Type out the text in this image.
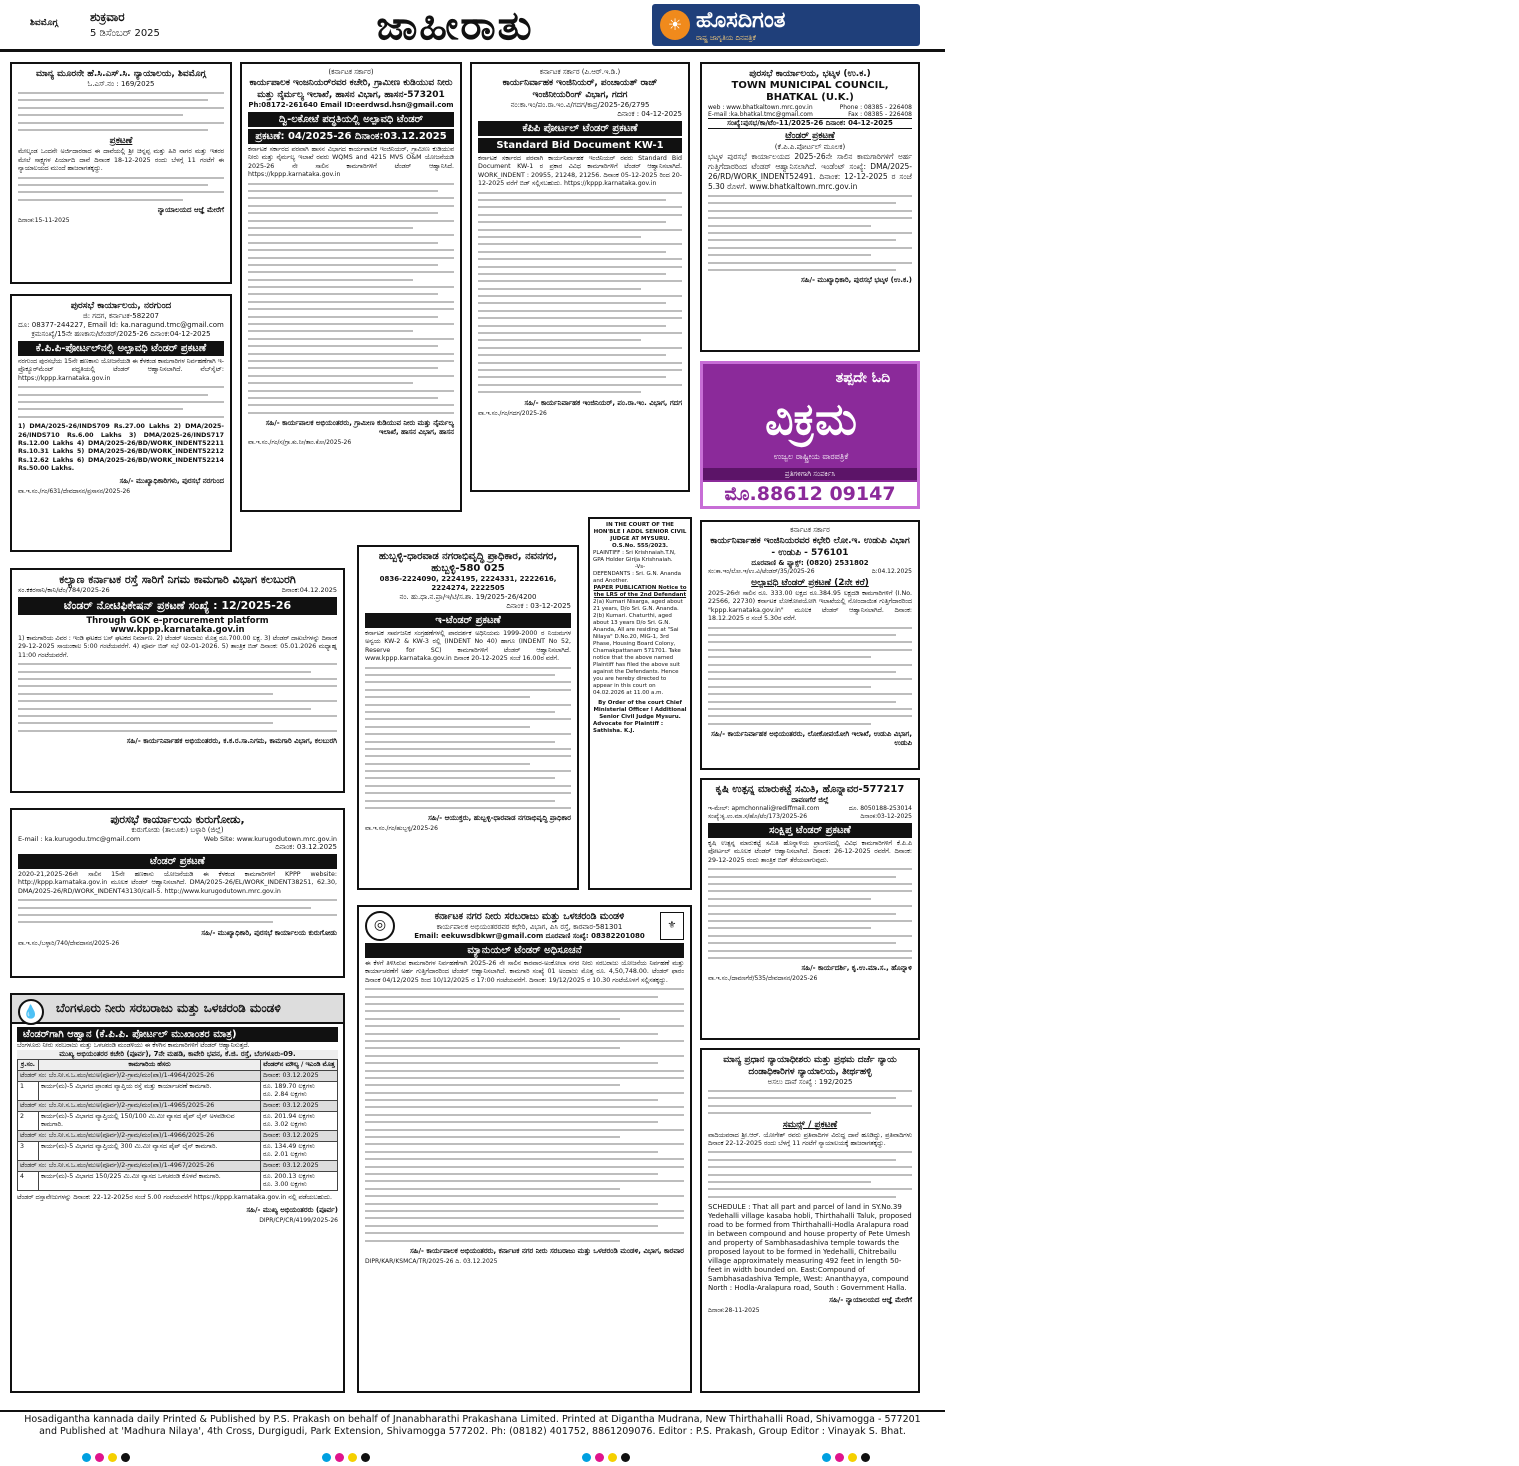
ಶಿವಮೊಗ್ಗ	ಶುಕ್ರವಾರ
5 ಡಿಸೆಂಬರ್ 2025	ಜಾಹೀರಾತು	☀ ಹೊಸದಿಗಂತ
ರಾಷ್ಟ್ರ ಜಾಗೃತಿಯ ದಿನಪತ್ರಿಕೆ	೧೧
ಮಾನ್ಯ ಮೂರನೇ ಹೆ.ಸಿ.ಎಸ್.ಸಿ. ನ್ಯಾಯಾಲಯ, ಶಿವಮೊಗ್ಗ
ಓ.ಎಸ್.ನಂ : 169/2025
ಪ್ರಕಟಣೆ
ಮೇಲ್ಕಂಡ ಒಂದನೇ ಅರ್ಜಿದಾರರಾದ ಈ ದಾವೆಯಲ್ಲಿ ಶ್ರೀ ಚಿನ್ನಪ್ಪ ಮತ್ತು ಹಿರಿ ನಾಗರ ಮತ್ತು ಇತರರ ಮೇಲೆ ಸಾಕ್ಷ್ಯಗಳ ಪಿರ್ಯಾದಿ ದಾವೆ ದಿನಾಂಕ 18-12-2025 ರಂದು ಬೆಳಗ್ಗೆ 11 ಗಂಟೆಗೆ ಈ ನ್ಯಾಯಾಲಯದ ಮುಂದೆ ಹಾಜರಾಗತಕ್ಕದ್ದು.
ನ್ಯಾಯಾಲಯದ ಆಜ್ಞೆ ಮೇರೆಗೆ
ದಿನಾಂಕ:15-11-2025
ಪುರಸಭೆ ಕಾರ್ಯಾಲಯ, ನರಗುಂದ
ಜಿ: ಗದಗ, ಕರ್ನಾಟಕ-582207
ದೂ: 08377-244227, Email Id: ka.naragund.tmc@gmail.com
ಕ್ರಮಸಂಖ್ಯೆ/15ನೇ ಹಣಕಾಸು/ಟೆಂಡರ್/2025-26 ದಿನಾಂಕ:04-12-2025
ಕೆ.ಪಿ.ಪಿ-ಪೋರ್ಟಲ್‌ನಲ್ಲಿ ಅಲ್ಪಾವಧಿ ಟೆಂಡರ್ ಪ್ರಕಟಣೆ
ನರಗುಂದ ಪುರಸಭೆಯ 15ನೇ ಹಣಕಾಸು ಯೋಜನೆಯಡಿ ಈ ಕೆಳಕಂಡ ಕಾಮಗಾರಿಗಳ ನಿರ್ವಹಣೆಗಾಗಿ ಇ-ಪ್ರೊಕ್ಯೂರ್‌ಮೆಂಟ್ ಪದ್ಧತಿಯಲ್ಲಿ ಟೆಂಡರ್ ಆಹ್ವಾನಿಸಲಾಗಿದೆ. ವೆಬ್‌ಸೈಟ್: https://kppp.karnataka.gov.in
1) DMA/2025-26/INDS709 Rs.27.00 Lakhs 2) DMA/2025-26/INDS710 Rs.6.00 Lakhs 3) DMA/2025-26/INDS717 Rs.12.00 Lakhs 4) DMA/2025-26/BD/WORK_INDENT52211 Rs.10.31 Lakhs 5) DMA/2025-26/BD/WORK_INDENT52212 Rs.12.62 Lakhs 6) DMA/2025-26/BD/WORK_INDENT52214 Rs.50.00 Lakhs.
ಸಹಿ/- ಮುಖ್ಯಾಧಿಕಾರಿಗಳು, ಪುರಸಭೆ ನರಗುಂದ
ವಾ.ಇ.ಸಂ./ಗಂ/631/ದೇವದಾಸನ/ಪ್ರಸಾಸನ/2025-26
(ಕರ್ನಾಟಕ ಸರ್ಕಾರ)
ಕಾರ್ಯಪಾಲಕ ಇಂಜನಿಯರ್‌ರವರ ಕಚೇರಿ, ಗ್ರಾಮೀಣ ಕುಡಿಯುವ ನೀರು ಮತ್ತು ನೈರ್ಮಲ್ಯ ಇಲಾಖೆ, ಹಾಸನ ವಿಭಾಗ, ಹಾಸನ-573201
Ph:08172-261640 Email ID:eerdwsd.hsn@gmail.com
ದ್ವಿ-ಲಕೋಟೆ ಪದ್ಧತಿಯಲ್ಲಿ ಅಲ್ಪಾವಧಿ ಟೆಂಡರ್
ಪ್ರಕಟಣೆ: 04/2025-26 ದಿನಾಂಕ:03.12.2025
ಕರ್ನಾಟಕ ಸರ್ಕಾರದ ಪರವಾಗಿ ಹಾಸನ ವಿಭಾಗದ ಕಾರ್ಯಪಾಲಕ ಇಂಜಿನಿಯರ್, ಗ್ರಾಮೀಣ ಕುಡಿಯುವ ನೀರು ಮತ್ತು ನೈರ್ಮಲ್ಯ ಇಲಾಖೆ ರವರು WQMS and 4215 MVS O&M ಯೋಜನೆಯಡಿ 2025-26 ನೇ ಸಾಲಿನ ಕಾಮಗಾರಿಗಳಿಗೆ ಟೆಂಡರ್ ಆಹ್ವಾನಿಸಿದೆ. https://kppp.karnataka.gov.in
ಸಹಿ/- ಕಾರ್ಯಪಾಲಕ ಅಭಿಯಂತರರು, ಗ್ರಾಮೀಣ ಕುಡಿಯುವ ನೀರು ಮತ್ತು ನೈರ್ಮಲ್ಯ ಇಲಾಖೆ, ಹಾಸನ ವಿಭಾಗ, ಹಾಸನ
ವಾ.ಇ.ಸಂ./ಗಂ/ಸ/ಗ್ರಾ.ಕು.ನೀ/ತಾಂ.ಕೋ/2025-26
ಕರ್ನಾಟಕ ಸರ್ಕಾರ (ಪಿ.ಆರ್.ಇ.ಡಿ.)
ಕಾರ್ಯನಿರ್ವಾಹಕ ಇಂಜಿನಿಯರ್, ಪಂಚಾಯತ್ ರಾಜ್ ಇಂಜಿನೀಯರಿಂಗ್ ವಿಭಾಗ, ಗದಗ
ನಂ:ಕಾ.ಇಂ/ಪಂ.ರಾ.ಇಂ.ವಿ/ಗದಗ/ಕಾಪ್ರ/2025-26/2795
ದಿನಾಂಕ : 04-12-2025
ಕೆಪಿಪಿ ಪೋರ್ಟಲ್ ಟೆಂಡರ್ ಪ್ರಕಟಣೆ
Standard Bid Document KW-1
ಕರ್ನಾಟಕ ಸರ್ಕಾರದ ಪರವಾಗಿ ಕಾರ್ಯನಿರ್ವಾಹಕ ಇಂಜಿನಿಯರ್ ರವರು Standard Bid Document KW-1 ರ ಪ್ರಕಾರ ವಿವಿಧ ಕಾಮಗಾರಿಗಳಿಗೆ ಟೆಂಡರ್ ಆಹ್ವಾನಿಸಲಾಗಿದೆ. WORK_INDENT : 20955, 21248, 21256. ದಿನಾಂಕ 05-12-2025 ರಿಂದ 20-12-2025 ವರೆಗೆ ಬಿಡ್ ಸಲ್ಲಿಸಬಹುದು. https://kppp.karnataka.gov.in
ಸಹಿ/- ಕಾರ್ಯನಿರ್ವಾಹಕ ಇಂಜಿನಿಯರ್, ಪಂ.ರಾ.ಇಂ. ವಿಭಾಗ, ಗದಗ
ವಾ.ಇ.ಸಂ./ಗಂ/ಗದಗ/2025-26
ಪುರಸಭೆ ಕಾರ್ಯಾಲಯ, ಭಟ್ಕಳ (ಉ.ಕ.)
TOWN MUNICIPAL COUNCIL, BHATKAL (U.K.)
web : www.bhatkaltown.mrc.gov.in	Phone : 08385 - 226408
E-mail :ka.bhatkal.tmc@gmail.com	Fax : 08385 - 226408
ಸಂಖ್ಯೆ:ಪುಸಭ/ಕಾ/ಟೆಂ-11/2025-26 ದಿನಾಂಕ: 04-12-2025
ಟೆಂಡರ್ ಪ್ರಕಟಣೆ
(ಕೆ.ಪಿ.ಪಿ.ಪೋರ್ಟಲ್ ಮೂಲಕ)
ಭಟ್ಕಳ ಪುರಸಭೆ ಕಾರ್ಯಾಲಯದ 2025-26ನೇ ಸಾಲಿನ ಕಾಮಗಾರಿಗಳಿಗೆ ಅರ್ಹ ಗುತ್ತಿಗೆದಾರರಿಂದ ಟೆಂಡರ್ ಆಹ್ವಾನಿಸಲಾಗಿದೆ. ಇಂಡೆಂಟ್ ಸಂಖ್ಯೆ: DMA/2025-26/RD/WORK_INDENT52491. ದಿನಾಂಕ: 12-12-2025 ರ ಸಂಜೆ 5.30 ರೊಳಗೆ. www.bhatkaltown.mrc.gov.in
ಸಹಿ/- ಮುಖ್ಯಾಧಿಕಾರಿ, ಪುರಸಭೆ ಭಟ್ಕಳ (ಉ.ಕ.)
ತಪ್ಪದೇ ಓದಿ
ವಿಕ್ರಮ
ಉಜ್ವಲ ರಾಷ್ಟ್ರೀಯ ವಾರಪತ್ರಿಕೆ
ಪ್ರತಿಗಳಿಗಾಗಿ ಸಂಪರ್ಕಿಸಿ
ಮೊ.88612 09147
ಕರ್ನಾಟಕ ಸರ್ಕಾರ
ಕಾರ್ಯನಿರ್ವಾಹಕ ಇಂಜಿನಿಯರವರ ಕಛೇರಿ ಲೋ.ಇ. ಉಡುಪಿ ವಿಭಾಗ - ಉಡುಪಿ - 576101
ದೂರವಾಣಿ & ಫ್ಯಾಕ್ಸ್: (0820) 2531802
ಸಂ:ಕಾ.ಇಂ/ಲೋ.ಇ/ಉ.ವಿ/ಟೆಂಡರ್/35/2025-26	ದಿ:04.12.2025
ಅಲ್ಪಾವಧಿ ಟೆಂಡರ್ ಪ್ರಕಟಣೆ (2ನೇ ಕರೆ)
2025-26ನೇ ಸಾಲಿನ ರೂ. 333.00 ಲಕ್ಷದ ರೂ.384.95 ಲಕ್ಷದಡಿ ಕಾಮಗಾರಿಗಳಿಗೆ (I.No. 22566, 22730) ಕರ್ನಾಟಕ ಲೋಕೋಪಯೋಗಿ ಇಲಾಖೆಯಲ್ಲಿ ನೋಂದಾಯಿತ ಗುತ್ತಿಗೆದಾರರಿಂದ "kppp.karnataka.gov.in" ಮೂಲಕ ಟೆಂಡರ್ ಆಹ್ವಾನಿಸಲಾಗಿದೆ. ದಿನಾಂಕ: 18.12.2025 ರ ಸಂಜೆ 5.30ರ ವರೆಗೆ.
ಸಹಿ/- ಕಾರ್ಯನಿರ್ವಾಹಕ ಅಭಿಯಂತರರು, ಲೋಕೋಪಯೋಗಿ ಇಲಾಖೆ, ಉಡುಪಿ ವಿಭಾಗ, ಉಡುಪಿ
ಕೃಷಿ ಉತ್ಪನ್ನ ಮಾರುಕಟ್ಟೆ ಸಮಿತಿ, ಹೊನ್ನಾವರ-577217
ದಾವಣಗೆರೆ ಜಿಲ್ಲೆ
ಇ-ಮೇಲ್: apmchonnali@rediffmail.com	ದೂ. 8050188-253014
ಸಂಖ್ಯೆ:ಕೃ.ಉ.ಮಾ.ಸ/ಹೊ/ಟೆಂ/173/2025-26	ದಿನಾಂಕ:03-12-2025
ಸಂಕ್ಷಿಪ್ತ ಟೆಂಡರ್ ಪ್ರಕಟಣೆ
ಕೃಷಿ ಉತ್ಪನ್ನ ಮಾರುಕಟ್ಟೆ ಸಮಿತಿ ಹೊನ್ನಾಳಿಯ ಪ್ರಾಂಗಣದಲ್ಲಿ ವಿವಿಧ ಕಾಮಗಾರಿಗಳಿಗೆ ಕೆ.ಪಿ.ಪಿ ಪೋರ್ಟಲ್ ಮೂಲಕ ಟೆಂಡರ್ ಆಹ್ವಾನಿಸಲಾಗಿದೆ. ದಿನಾಂಕ: 26-12-2025 ರವರೆಗೆ. ದಿನಾಂಕ: 29-12-2025 ರಂದು ತಾಂತ್ರಿಕ ಬಿಡ್ ತೆರೆಯಲಾಗುವುದು.
ಸಹಿ/- ಕಾರ್ಯದರ್ಶಿ, ಕೃ.ಉ.ಮಾ.ಸ., ಹೊನ್ನಾಳಿ
ವಾ.ಇ.ಸಂ./ದಾವಣಗೆರೆ/535/ದೇವದಾಸನ/2025-26
ಮಾನ್ಯ ಪ್ರಧಾನ ನ್ಯಾಯಾಧೀಶರು ಮತ್ತು ಪ್ರಥಮ ದರ್ಜೆ ನ್ಯಾಯ ದಂಡಾಧಿಕಾರಿಗಳ ನ್ಯಾಯಾಲಯ, ತೀರ್ಥಹಳ್ಳಿ
ಅಸಲು ದಾವೆ ಸಂಖ್ಯೆ : 192/2025
ಸಮನ್ಸ್ / ಪ್ರಕಟಣೆ
ವಾದಿಯವರಾದ ಶ್ರೀ.ಆರ್. ಯೋಗೇಶ್ ರವರು ಪ್ರತಿವಾದಿಗಳ ವಿರುದ್ಧ ದಾವೆ ಹೂಡಿದ್ದು, ಪ್ರತಿವಾದಿಗಳು ದಿನಾಂಕ 22-12-2025 ರಂದು ಬೆಳಗ್ಗೆ 11 ಗಂಟೆಗೆ ನ್ಯಾಯಾಲಯಕ್ಕೆ ಹಾಜರಾಗತಕ್ಕದ್ದು.
SCHEDULE : That all part and parcel of land in SY.No.39 Yedehalli village kasaba hobli, Thirthahalli Taluk, proposed road to be formed from Thirthahalli-Hodla Aralapura road in between compound and house property of Pete Umesh and property of Sambhasadashiva temple towards the proposed layout to be formed in Yedehalli, Chitrebailu village approximately measuring 492 feet in length 50-feet in width bounded on. East:Compound of Sambhasadashiva Temple, West: Ananthayya, compound North : Hodla-Aralapura road, South : Government Halla.
ಸಹಿ/- ನ್ಯಾಯಾಲಯದ ಆಜ್ಞೆ ಮೇರೆಗೆ
ದಿನಾಂಕ:28-11-2025
ಕಲ್ಯಾಣ ಕರ್ನಾಟಕ ರಸ್ತೆ ಸಾರಿಗೆ ನಿಗಮ ಕಾಮಗಾರಿ ವಿಭಾಗ ಕಲಬುರಗಿ
ಸಂ.ಕಕರಸಾನಿ/ಕಾನಿ/ಟೆಂ/784/2025-26	ದಿನಾಂಕ:04.12.2025
ಟೆಂಡರ್ ನೋಟಿಫಿಕೇಷನ್ ಪ್ರಕಟಣೆ ಸಂಖ್ಯೆ : 12/2025-26
Through GOK e-procurement platform www.kppp.karnataka.gov.in
1) ಕಾಮಗಾರಿಯ ವಿವರ : ಇಂಡಿ ಘಟಕದ ಬಸ್ ಘಟಕದ ನಿರ್ಮಾಣ. 2) ಟೆಂಡರ್ ಅಂದಾಜು ಮೊತ್ತ ರೂ.700.00 ಲಕ್ಷ. 3) ಟೆಂಡರ್ ದಾಖಲೆಗಳನ್ನು ದಿನಾಂಕ 29-12-2025 ಸಾಯಂಕಾಲ 5:00 ಗಂಟೆಯವರೆಗೆ. 4) ಪೂರ್ವ ಬಿಡ್ ಸಭೆ 02-01-2026. 5) ತಾಂತ್ರಿಕ ಬಿಡ್ ದಿನಾಂಕ: 05.01.2026 ಮಧ್ಯಾಹ್ನ 11:00 ಗಂಟೆಯವರೆಗೆ.
ಸಹಿ/- ಕಾರ್ಯನಿರ್ವಾಹಕ ಅಭಿಯಂತರರು, ಕ.ಕ.ರ.ಸಾ.ನಿಗಮ, ಕಾಮಗಾರಿ ವಿಭಾಗ, ಕಲಬುರಗಿ
ಪುರಸಭೆ ಕಾರ್ಯಾಲಯ ಕುರುಗೋಡು,
ಕುರುಗೋಡು (ತಾಲೂಕು) ಬಳ್ಳಾರಿ (ಜಿಲ್ಲೆ)
E-mail : ka.kurugodu.tmc@gmail.com	Web Site: www.kurugodutown.mrc.gov.in
ದಿನಾಂಕ: 03.12.2025
ಟೆಂಡರ್ ಪ್ರಕಟಣೆ
2020-21,2025-26ನೇ ಸಾಲಿನ 15ನೇ ಹಣಕಾಸು ಯೋಜನೆಯಡಿ ಈ ಕೆಳಕಂಡ ಕಾಮಗಾರಿಗಳಿಗೆ KPPP website: http://kppp.karnataka.gov.in ಮೂಲಕ ಟೆಂಡರ್ ಆಹ್ವಾನಿಸಲಾಗಿದೆ. DMA/2025-26/EL/WORK_INDENT38251, 62.30, DMA/2025-26/RD/WORK_INDENT43130/call-5. http://www.kurugodutown.mrc.gov.in
ಸಹಿ/- ಮುಖ್ಯಾಧಿಕಾರಿ, ಪುರಸಭೆ ಕಾರ್ಯಾಲಯ ಕುರುಗೋಡು
ವಾ.ಇ.ಸಂ./ಬಳ್ಳಾರಿ/740/ದೇವದಾಸನ/2025-26
ಹುಬ್ಬಳ್ಳಿ-ಧಾರವಾಡ ನಗರಾಭಿವೃದ್ಧಿ ಪ್ರಾಧಿಕಾರ, ನವನಗರ, ಹುಬ್ಬಳ್ಳಿ-580 025
0836-2224090, 2224195, 2224331, 2222616, 2224274, 2222505
ನಂ. ಹು.ಧಾ.ನ.ಪ್ರಾ/ಇ/ಟಿ/ಸ.ಶಾ. 19/2025-26/4200
ದಿನಾಂಕ : 03-12-2025
ಇ-ಟೆಂಡರ್ ಪ್ರಕಟಣೆ
ಕರ್ನಾಟಕ ಸಾರ್ವಜನಿಕ ಸಂಗ್ರಹಣೆಗಳಲ್ಲಿ ಪಾರದರ್ಶಕ ಅಧಿನಿಯಮ 1999-2000 ರ ನಿಯಮಗಳ ಅನ್ವಯ KW-2 & KW-3 ರಲ್ಲಿ (INDENT No 40) ಹಾಗೂ (INDENT No 52, Reserve for SC) ಕಾಮಗಾರಿಗಳಿಗೆ ಟೆಂಡರ್ ಆಹ್ವಾನಿಸಲಾಗಿದೆ. www.kppp.karnataka.gov.in ದಿನಾಂಕ 20-12-2025 ಸಂಜೆ 16.00ರ ವರೆಗೆ.
ಸಹಿ/- ಆಯುಕ್ತರು, ಹುಬ್ಬಳ್ಳಿ-ಧಾರವಾಡ ನಗರಾಭಿವೃದ್ಧಿ ಪ್ರಾಧಿಕಾರ
ವಾ.ಇ.ಸಂ./ಗಂ/ಹುಬ್ಬಳ್ಳಿ/2025-26
IN THE COURT OF THE HON'BLE I ADDL SENIOR CIVIL JUDGE AT MYSURU.
O.S.No. 555/2023.
PLAINTIFF : Sri Krishnaiah.T.N, GPA Holder Girija Krishnaiah.
-Vs-
DEFENDANTS : Sri. G.N. Ananda and Another.
PAPER PUBLICATION Notice to the LRS of the 2nd Defendant
2(a) Kumari Nisarga, aged about 21 years, D/o Sri. G.N. Ananda. 2(b) Kumari. Chaturthi, aged about 13 years D/o Sri. G.N. Ananda, All are residing at "Sai Nilaya" D.No.20, MIG-1, 3rd Phase, Housing Board Colony, Chamakpattanam 571701. Take notice that the above named Plaintiff has filed the above suit against the Defendants. Hence you are hereby directed to appear in this court on 04.02.2026 at 11.00 a.m.
By Order of the court Chief Ministerial Officer I Additional Senior Civil Judge Mysuru.
Advocate for Plaintiff : Sathisha. K.J.
◎
ಕರ್ನಾಟಕ ನಗರ ನೀರು ಸರಬರಾಜು ಮತ್ತು ಒಳಚರಂಡಿ ಮಂಡಳಿ
ಕಾರ್ಯಪಾಲಕ ಅಭಿಯಂತರರವರ ಕಛೇರಿ, ವಿಭಾಗ, ಪಿಸಿ ರಸ್ತೆ, ಕಾರವಾರ-581301
Email: eekuwsdbkwr@gmail.com ದೂರವಾಣಿ ಸಂಖ್ಯೆ: 08382201080
⚜
ಮ್ಯಾನುಯಲ್ ಟೆಂಡರ್ ಅಧಿಸೂಚನೆ
ಈ ಕೆಳಗೆ ತಿಳಿಸಿರುವ ಕಾಮಗಾರಿಗಳ ನಿರ್ವಹಣೆಗಾಗಿ 2025-26 ನೇ ಸಾಲಿನ ಕಾರವಾರ-ಅಂಕೋಲಾ ನಗರ ನೀರು ಸರಬರಾಜು ಯೋಜನೆಯ ನಿರ್ವಹಣೆ ಮತ್ತು ಕಾರ್ಯಾಚರಣೆಗೆ ಅರ್ಹ ಗುತ್ತಿಗೆದಾರರಿಂದ ಟೆಂಡರ್ ಆಹ್ವಾನಿಸಲಾಗಿದೆ. ಕಾಮಗಾರಿ ಸಂಖ್ಯೆ 01 ಅಂದಾಜು ಮೊತ್ತ ರೂ. 4,50,748.00. ಟೆಂಡರ್ ಫಾರಂ ದಿನಾಂಕ 04/12/2025 ರಿಂದ 10/12/2025 ರ 17:00 ಗಂಟೆಯವರೆಗೆ. ದಿನಾಂಕ: 19/12/2025 ರ 10.30 ಗಂಟೆಯೊಳಗೆ ಸಲ್ಲಿಸತಕ್ಕದ್ದು.
ಸಹಿ/- ಕಾರ್ಯಪಾಲಕ ಅಭಿಯಂತರರು, ಕರ್ನಾಟಕ ನಗರ ನೀರು ಸರಬರಾಜು ಮತ್ತು ಒಳಚರಂಡಿ ಮಂಡಳಿ, ವಿಭಾಗ, ಕಾರವಾರ
DIPR/KAR/KSMCA/TR/2025-26 ದಿ. 03.12.2025
💧	ಬೆಂಗಳೂರು ನೀರು ಸರಬರಾಜು ಮತ್ತು ಒಳಚರಂಡಿ ಮಂಡಳಿ
ಟೆಂಡರ್‌ಗಾಗಿ ಆಹ್ವಾನ (ಕೆ.ಪಿ.ಪಿ. ಪೋರ್ಟಲ್ ಮುಖಾಂತರ ಮಾತ್ರ)
ಬೆಂಗಳೂರು ನೀರು ಸರಬರಾಜು ಮತ್ತು ಒಳಚರಂಡಿ ಮಂಡಳಿಯು ಈ ಕೆಳಗಿನ ಕಾಮಗಾರಿಗಳಿಗೆ ಟೆಂಡರ್ ಆಹ್ವಾನಿಸುತ್ತದೆ.
ಮುಖ್ಯ ಅಭಿಯಂತರರ ಕಚೇರಿ (ಪೂರ್ವ), 7ನೇ ಮಹಡಿ, ಕಾವೇರಿ ಭವನ, ಕೆ.ಜಿ. ರಸ್ತೆ, ಬೆಂಗಳೂರು-09.
ಕ್ರ.ಸಂ.	ಕಾಮಗಾರಿಯ ಹೆಸರು	ಟೆಂಡರ್‌ನ ಮೌಲ್ಯ / ಇಎಂಡಿ ಮೊತ್ತ
ಟೆಂಡರ್ ಸಂ: ಬೆಂ.ನೀ.ಸ.ಒ.ಮಂ/ಮುಅ(ಪೂರ್ವ)/2-ಗ್ರಾಮ/ಮಂ(ಪಾ)/1-4964/2025-26		ದಿನಾಂಕ: 03.12.2025
1	ಕಾರ್ಯ(ಮ)-5 ವಿಭಾಗದ ಪ್ರಾಂತದ ವ್ಯಾಪ್ತಿಯ ರಸ್ತೆ ಮತ್ತು ಕಾರ್ಯಾಚರಣೆ ಕಾಮಗಾರಿ.	ರೂ. 189.70 ಲಕ್ಷಗಳು
ರೂ. 2.84 ಲಕ್ಷಗಳು

ಟೆಂಡರ್ ಸಂ: ಬೆಂ.ನೀ.ಸ.ಒ.ಮಂ/ಮುಅ(ಪೂರ್ವ)/2-ಗ್ರಾಮ/ಮಂ(ಪಾ)/1-4965/2025-26		ದಿನಾಂಕ: 03.12.2025
2	ಕಾರ್ಯ(ಮ)-5 ವಿಭಾಗದ ವ್ಯಾಪ್ತಿಯಲ್ಲಿ 150/100 ಮಿ.ಮೀ ವ್ಯಾಸದ ಪೈಪ್ ಲೈನ್ ಅಳವಡಿಸುವ ಕಾಮಗಾರಿ.	ರೂ. 201.94 ಲಕ್ಷಗಳು
ರೂ. 3.02 ಲಕ್ಷಗಳು

ಟೆಂಡರ್ ಸಂ: ಬೆಂ.ನೀ.ಸ.ಒ.ಮಂ/ಮುಅ(ಪೂರ್ವ)/2-ಗ್ರಾಮ/ಮಂ(ಪಾ)/1-4966/2025-26		ದಿನಾಂಕ: 03.12.2025
3	ಕಾರ್ಯ(ಮ)-5 ವಿಭಾಗದ ವ್ಯಾಪ್ತಿಯಲ್ಲಿ 300 ಮಿ.ಮೀ ವ್ಯಾಸದ ಪೈಪ್ ಲೈನ್ ಕಾಮಗಾರಿ.	ರೂ. 134.49 ಲಕ್ಷಗಳು
ರೂ. 2.01 ಲಕ್ಷಗಳು

ಟೆಂಡರ್ ಸಂ: ಬೆಂ.ನೀ.ಸ.ಒ.ಮಂ/ಮುಅ(ಪೂರ್ವ)/2-ಗ್ರಾಮ/ಮಂ(ಪಾ)/1-4967/2025-26		ದಿನಾಂಕ: 03.12.2025
4	ಕಾರ್ಯ(ಮ)-5 ವಿಭಾಗದ 150/225 ಮಿ.ಮೀ ವ್ಯಾಸದ ಒಳಚರಂಡಿ ಕೊಳವೆ ಕಾಮಗಾರಿ.	ರೂ. 200.13 ಲಕ್ಷಗಳು
ರೂ. 3.00 ಲಕ್ಷಗಳು
ಟೆಂಡರ್ ದಸ್ತಾವೇಜುಗಳನ್ನು ದಿನಾಂಕ: 22-12-2025ರ ಸಂಜೆ 5.00 ಗಂಟೆಯವರೆಗೆ https://kppp.karnataka.gov.in ನಲ್ಲಿ ಪಡೆಯಬಹುದು.
ಸಹಿ/- ಮುಖ್ಯ ಅಭಿಯಂತರರು (ಪೂರ್ವ)
DIPR/CP/CR/4199/2025-26
Hosadigantha kannada daily Printed & Published by P.S. Prakash on behalf of Jnanabharathi Prakashana Limited. Printed at Digantha Mudrana, New Thirthahalli Road, Shivamogga - 577201
and Published at 'Madhura Nilaya', 4th Cross, Durgigudi, Park Extension, Shivamogga 577202. Ph: (08182) 401752, 8861209076. Editor : P.S. Prakash, Group Editor : Vinayak S. Bhat.
